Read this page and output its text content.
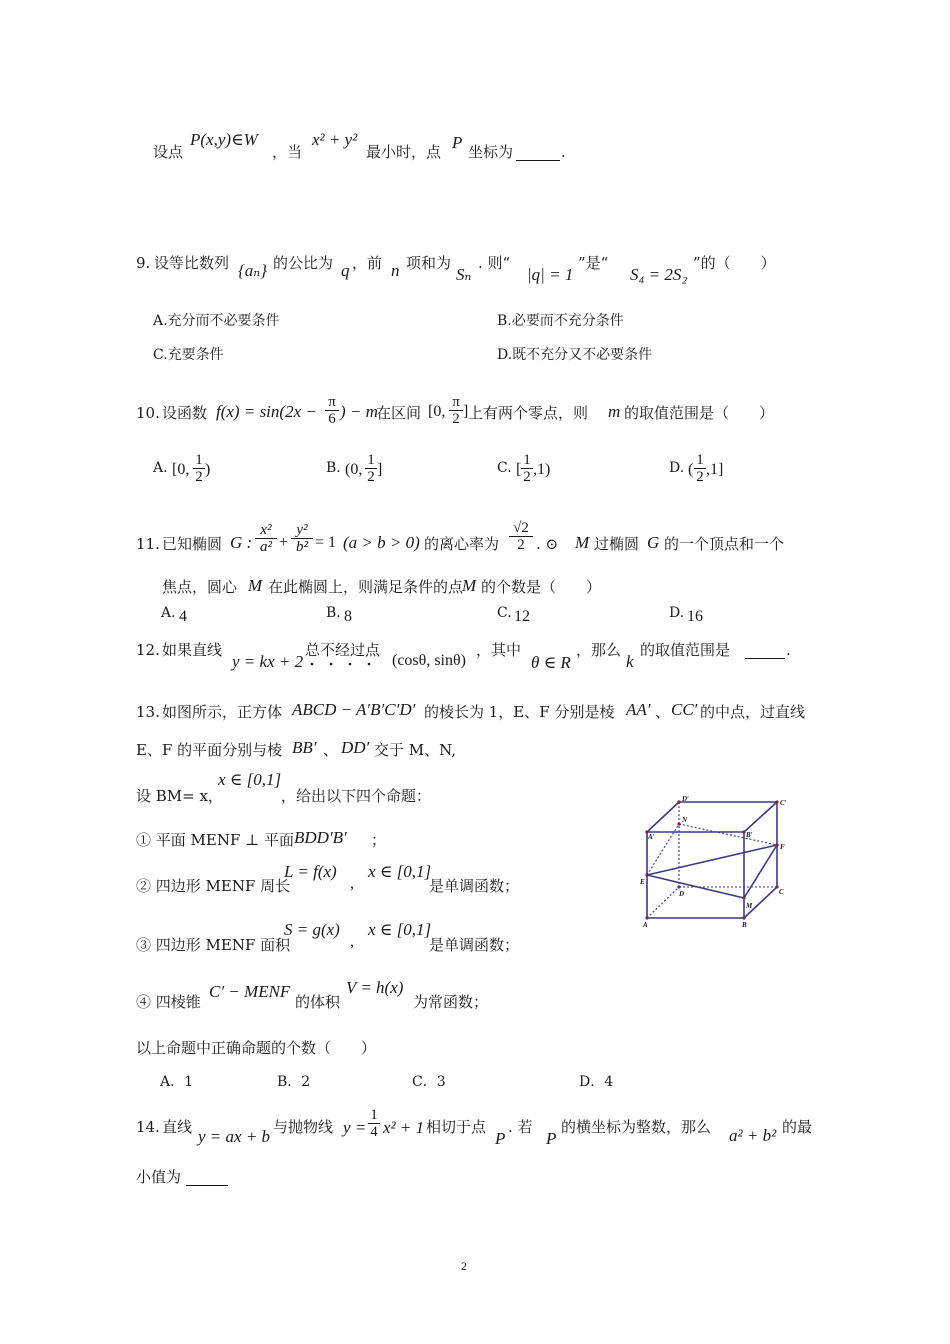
设点
P(x,y)∈W
，当
x² + y²
最小时，点 P 坐标为	.
9. 设等比数列 {aₙ} 的公比为 q ，前 n 项和为
Sₙ
. 则“
|q| = 1
”是“
S₄ = 2S₂
”的（　　）
A.充分而不必要条件	B.必要而不充分条件
C.充要条件	D.既不充分又不必要条件
10. 设函数 $f(x) = \sin(2x - \frac{\pi}{6}$ ) − m
在区间 [0, $\frac{\pi}{2}$ ] 上有两个零点，则 m 的取值范围是（　　）
A. [0, $\frac{1}{2}$ )	B. (0, $\frac{1}{2}$ ]	C. [ $\frac{1}{2} ,1$)	D. ( $\frac{1}{2} ,1$]
11. 已知椭圆 G : $\frac{\text{x²}}{\text{a²}} + \frac{\text{y²}}{\text{b²}} = 1$ (a > b > 0) 的离心率为 $\frac{√2}{2}$ . ⊙ M 过椭圆 G 的一个顶点和一个
焦点，圆心 M 在此椭圆上，则满足条件的点
M 的个数是（　　）
A. 4	B. 8	C. 12	D. 16
12. 如果直线
y = kx + 2
总不经过点
(cosθ, sinθ)
，其中
θ ∈ R
，那么
k
的取值范围是	.
13. 如图所示，正方体 ABCD − A′B′C′D′ 的棱长为 1，E、F 分别是棱 AA′ 、 CC′ 的中点，过直线
E、F 的平面分别与棱 BB′ 、 DD′ 交于 M、N,
设 BM= x，
x ∈ [0,1]
，给出以下四个命题：
① 平面 MENF ⊥ 平面 BDD′B′ ；
② 四边形 MENF 周长
L = f(x)
,
x ∈ [0,1]
是单调函数；
③ 四边形 MENF 面积
S = g(x)
,
x ∈ [0,1]
是单调函数；
④ 四棱锥
C′ − MENF
的体积
V = h(x)
为常函数；
以上命题中正确命题的个数（　　）
A．1	B．2	C．3	D．4
D′	C′
A′	B′
N
F
E
D	C
M
A	B
14. 直线 y = ax + b 与抛物线 $y = \frac{1}{4} x^2 + 1$ 相切于点
P
. 若
P
的横坐标为整数，那么 a² + b² 的最
小值为
2
